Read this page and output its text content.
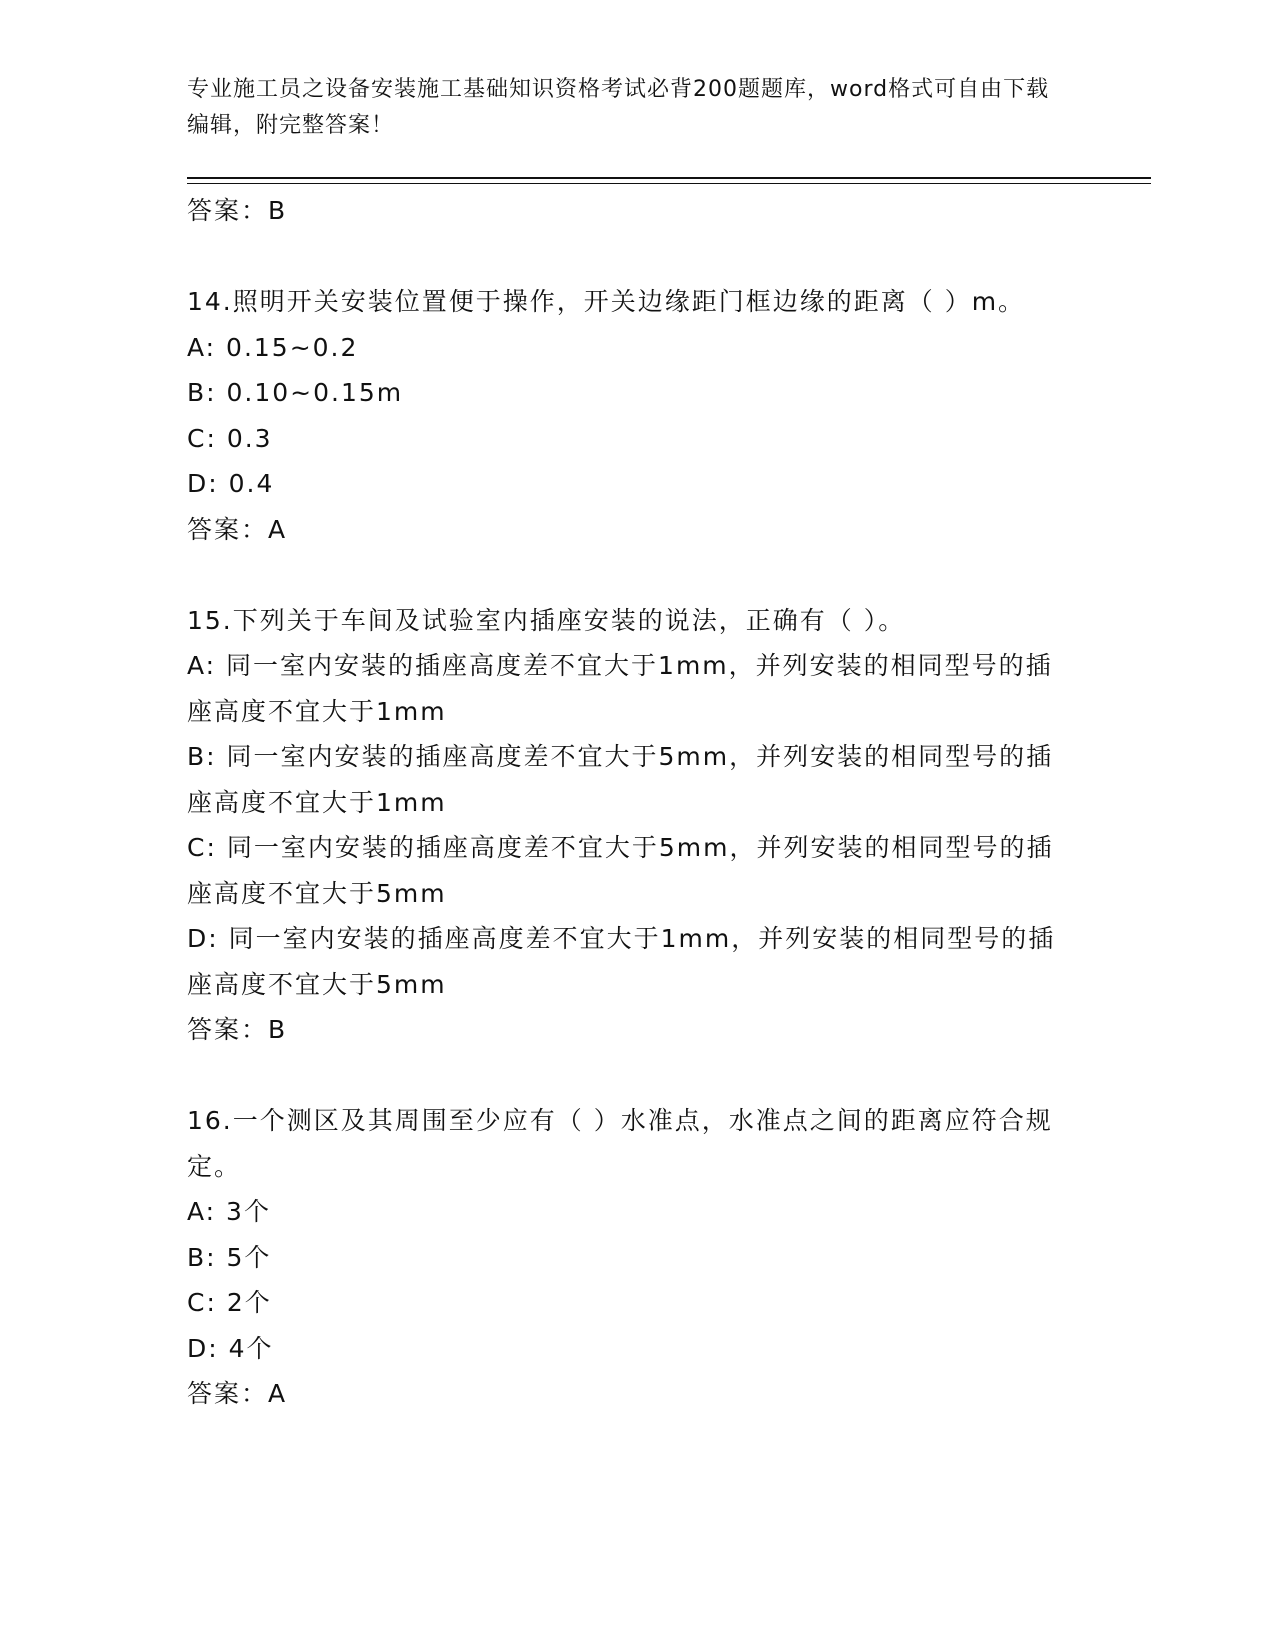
专业施工员之设备安装施工基础知识资格考试必背200题题库，word格式可自由下载编辑，附完整答案！
答案：B
14.照明开关安装位置便于操作，开关边缘距门框边缘的距离（ ）m。
A: 0.15~0.2
B: 0.10~0.15m
C: 0.3
D: 0.4
答案：A
15.下列关于车间及试验室内插座安装的说法，正确有（ ）。
A: 同一室内安装的插座高度差不宜大于1mm，并列安装的相同型号的插座高度不宜大于1mm
B: 同一室内安装的插座高度差不宜大于5mm，并列安装的相同型号的插座高度不宜大于1mm
C: 同一室内安装的插座高度差不宜大于5mm，并列安装的相同型号的插座高度不宜大于5mm
D: 同一室内安装的插座高度差不宜大于1mm，并列安装的相同型号的插座高度不宜大于5mm
答案：B
16.一个测区及其周围至少应有（ ）水准点，水准点之间的距离应符合规定。
A: 3个
B: 5个
C: 2个
D: 4个
答案：A
